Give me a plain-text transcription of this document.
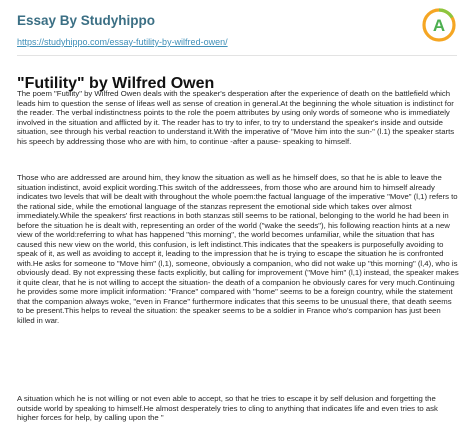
Essay By Studyhippo
https://studyhippo.com/essay-futility-by-wilfred-owen/
A
"Futility" by Wilfred Owen

The poem "Futility" by Wilfred Owen deals with the speaker's desperation after the experience of death on the battlefield which leads him to question the sense of lifeas well as sense of creation in general.At the beginning the whole situation is indistinct for the reader. The verbal indistinctness points to the role the poem attributes by using only words of someone who is immediately involved in the situation and afflicted by it. The reader has to try to infer, to try to understand the speaker's inside and outside situation, see through his verbal reaction to understand it.With the imperative of "Move him into the sun-" (l.1) the speaker starts his speech by addressing those who are with him, to continue -after a pause- speaking to himself.

Those who are addressed are around him, they know the situation as well as he himself does, so that he is able to leave the situation indistinct, avoid explicit wording.This switch of the addressees, from those who are around him to himself already indicates two levels that will be dealt with throughout the whole poem:the factual language of the imperative "Move" (l,1) refers to the rational side, while the emotional language of the stanzas represent the emotional side which takes over almost immediately.While the speakers' first reactions in both stanzas still seems to be rational, belonging to the world he had been in before the situation he is dealt with, representing an order of the world ("wake the seeds"), his following reaction hints at a new view of the world:referring to what has happened "this morning", the world becomes unfamiliar, while the situation that has caused this new view on the world, this confusion, is left indistinct.This indicates that the speakers is purposefully avoiding to speak of it, as well as avoiding to accept it, leading to the impression that he is trying to escape the situation he is confronted with.He asks for someone to "Move him" (l,1), someone, obviously a companion, who did not wake up "this morning" (l,4), who is obviously dead. By not expressing these facts explicitly, but calling for improvement ("Move him" (l,1) instead, the speaker makes it quite clear, that he is not willing to accept the situation- the death of a companion he obviously cares for very much.Continuing he provides some more implicit information: "France" compared with "home" seems to be a foreign country, while the statement that the companion always woke, "even in France" furthermore indicates that this seems to be unusual there, that death seems to be present.This helps to reveal the situation: the speaker seems to be a soldier in France who's companion has just been killed in war.

A situation which he is not willing or not even able to accept, so that he tries to escape it by self delusion and forgetting the outside world by speaking to himself.He almost desperately tries to cling to anything that indicates life and even tries to ask higher forces for help, by calling upon the "
